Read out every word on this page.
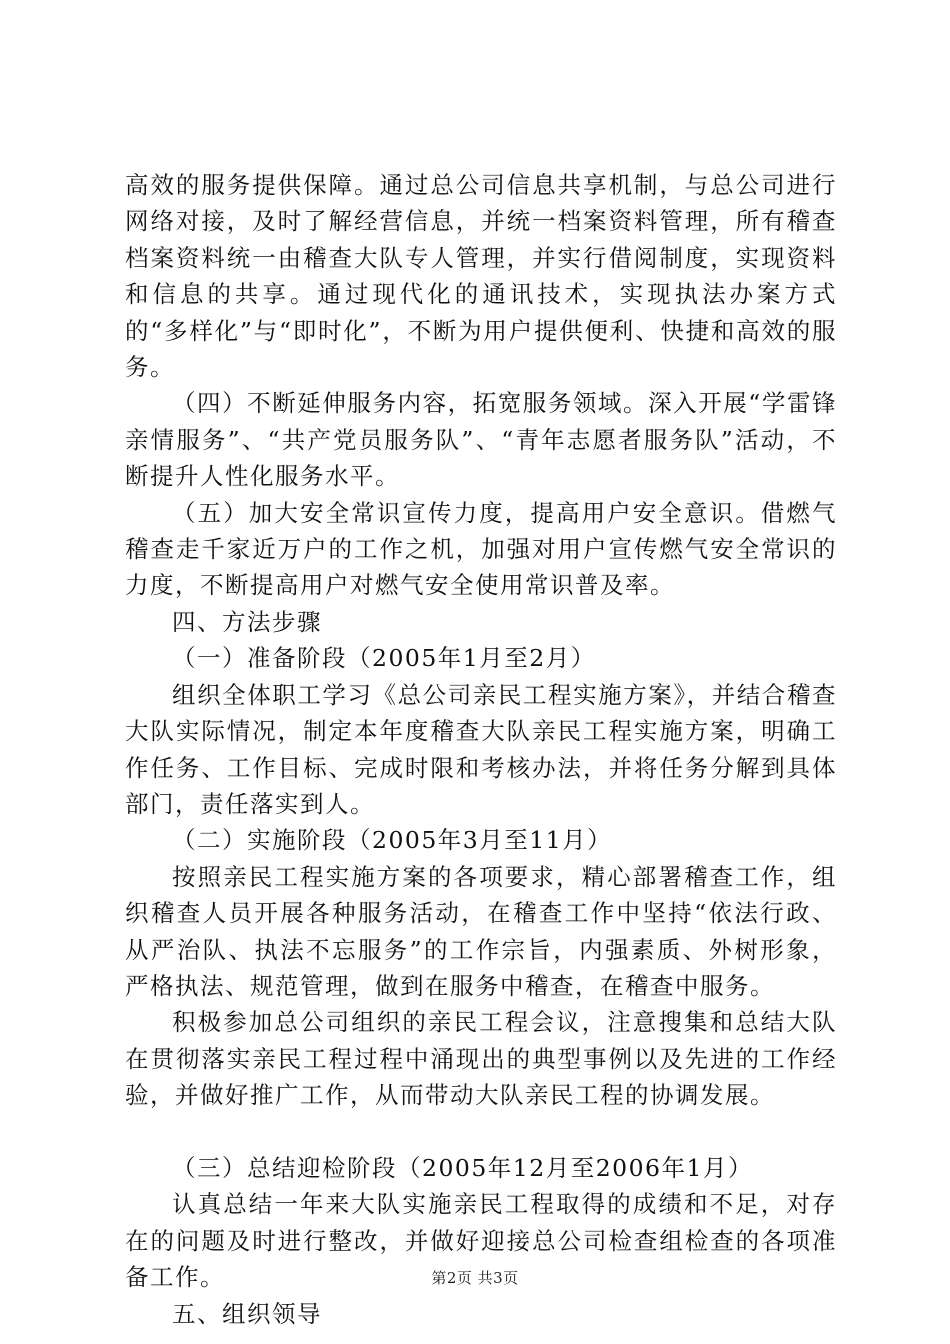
高效的服务提供保障。通过总公司信息共享机制，与总公司进行网络对接，及时了解经营信息，并统一档案资料管理，所有稽查档案资料统一由稽查大队专人管理，并实行借阅制度，实现资料和信息的共享。通过现代化的通讯技术，实现执法办案方式的“多样化”与“即时化”，不断为用户提供便利、快捷和高效的服务。

（四）不断延伸服务内容，拓宽服务领域。深入开展“学雷锋亲情服务”、“共产党员服务队”、“青年志愿者服务队”活动，不断提升人性化服务水平。

（五）加大安全常识宣传力度，提高用户安全意识。借燃气稽查走千家近万户的工作之机，加强对用户宣传燃气安全常识的力度，不断提高用户对燃气安全使用常识普及率。

四、方法步骤

（一）准备阶段（2005年1月至2月）

组织全体职工学习《总公司亲民工程实施方案》，并结合稽查大队实际情况，制定本年度稽查大队亲民工程实施方案，明确工作任务、工作目标、完成时限和考核办法，并将任务分解到具体部门，责任落实到人。

（二）实施阶段（2005年3月至11月）

按照亲民工程实施方案的各项要求，精心部署稽查工作，组织稽查人员开展各种服务活动，在稽查工作中坚持“依法行政、从严治队、执法不忘服务”的工作宗旨，内强素质、外树形象，严格执法、规范管理，做到在服务中稽查，在稽查中服务。

积极参加总公司组织的亲民工程会议，注意搜集和总结大队在贯彻落实亲民工程过程中涌现出的典型事例以及先进的工作经验，并做好推广工作，从而带动大队亲民工程的协调发展。

（三）总结迎检阶段（2005年12月至2006年1月）

认真总结一年来大队实施亲民工程取得的成绩和不足，对存在的问题及时进行整改，并做好迎接总公司检查组检查的各项准备工作。

五、组织领导

第2页 共3页
